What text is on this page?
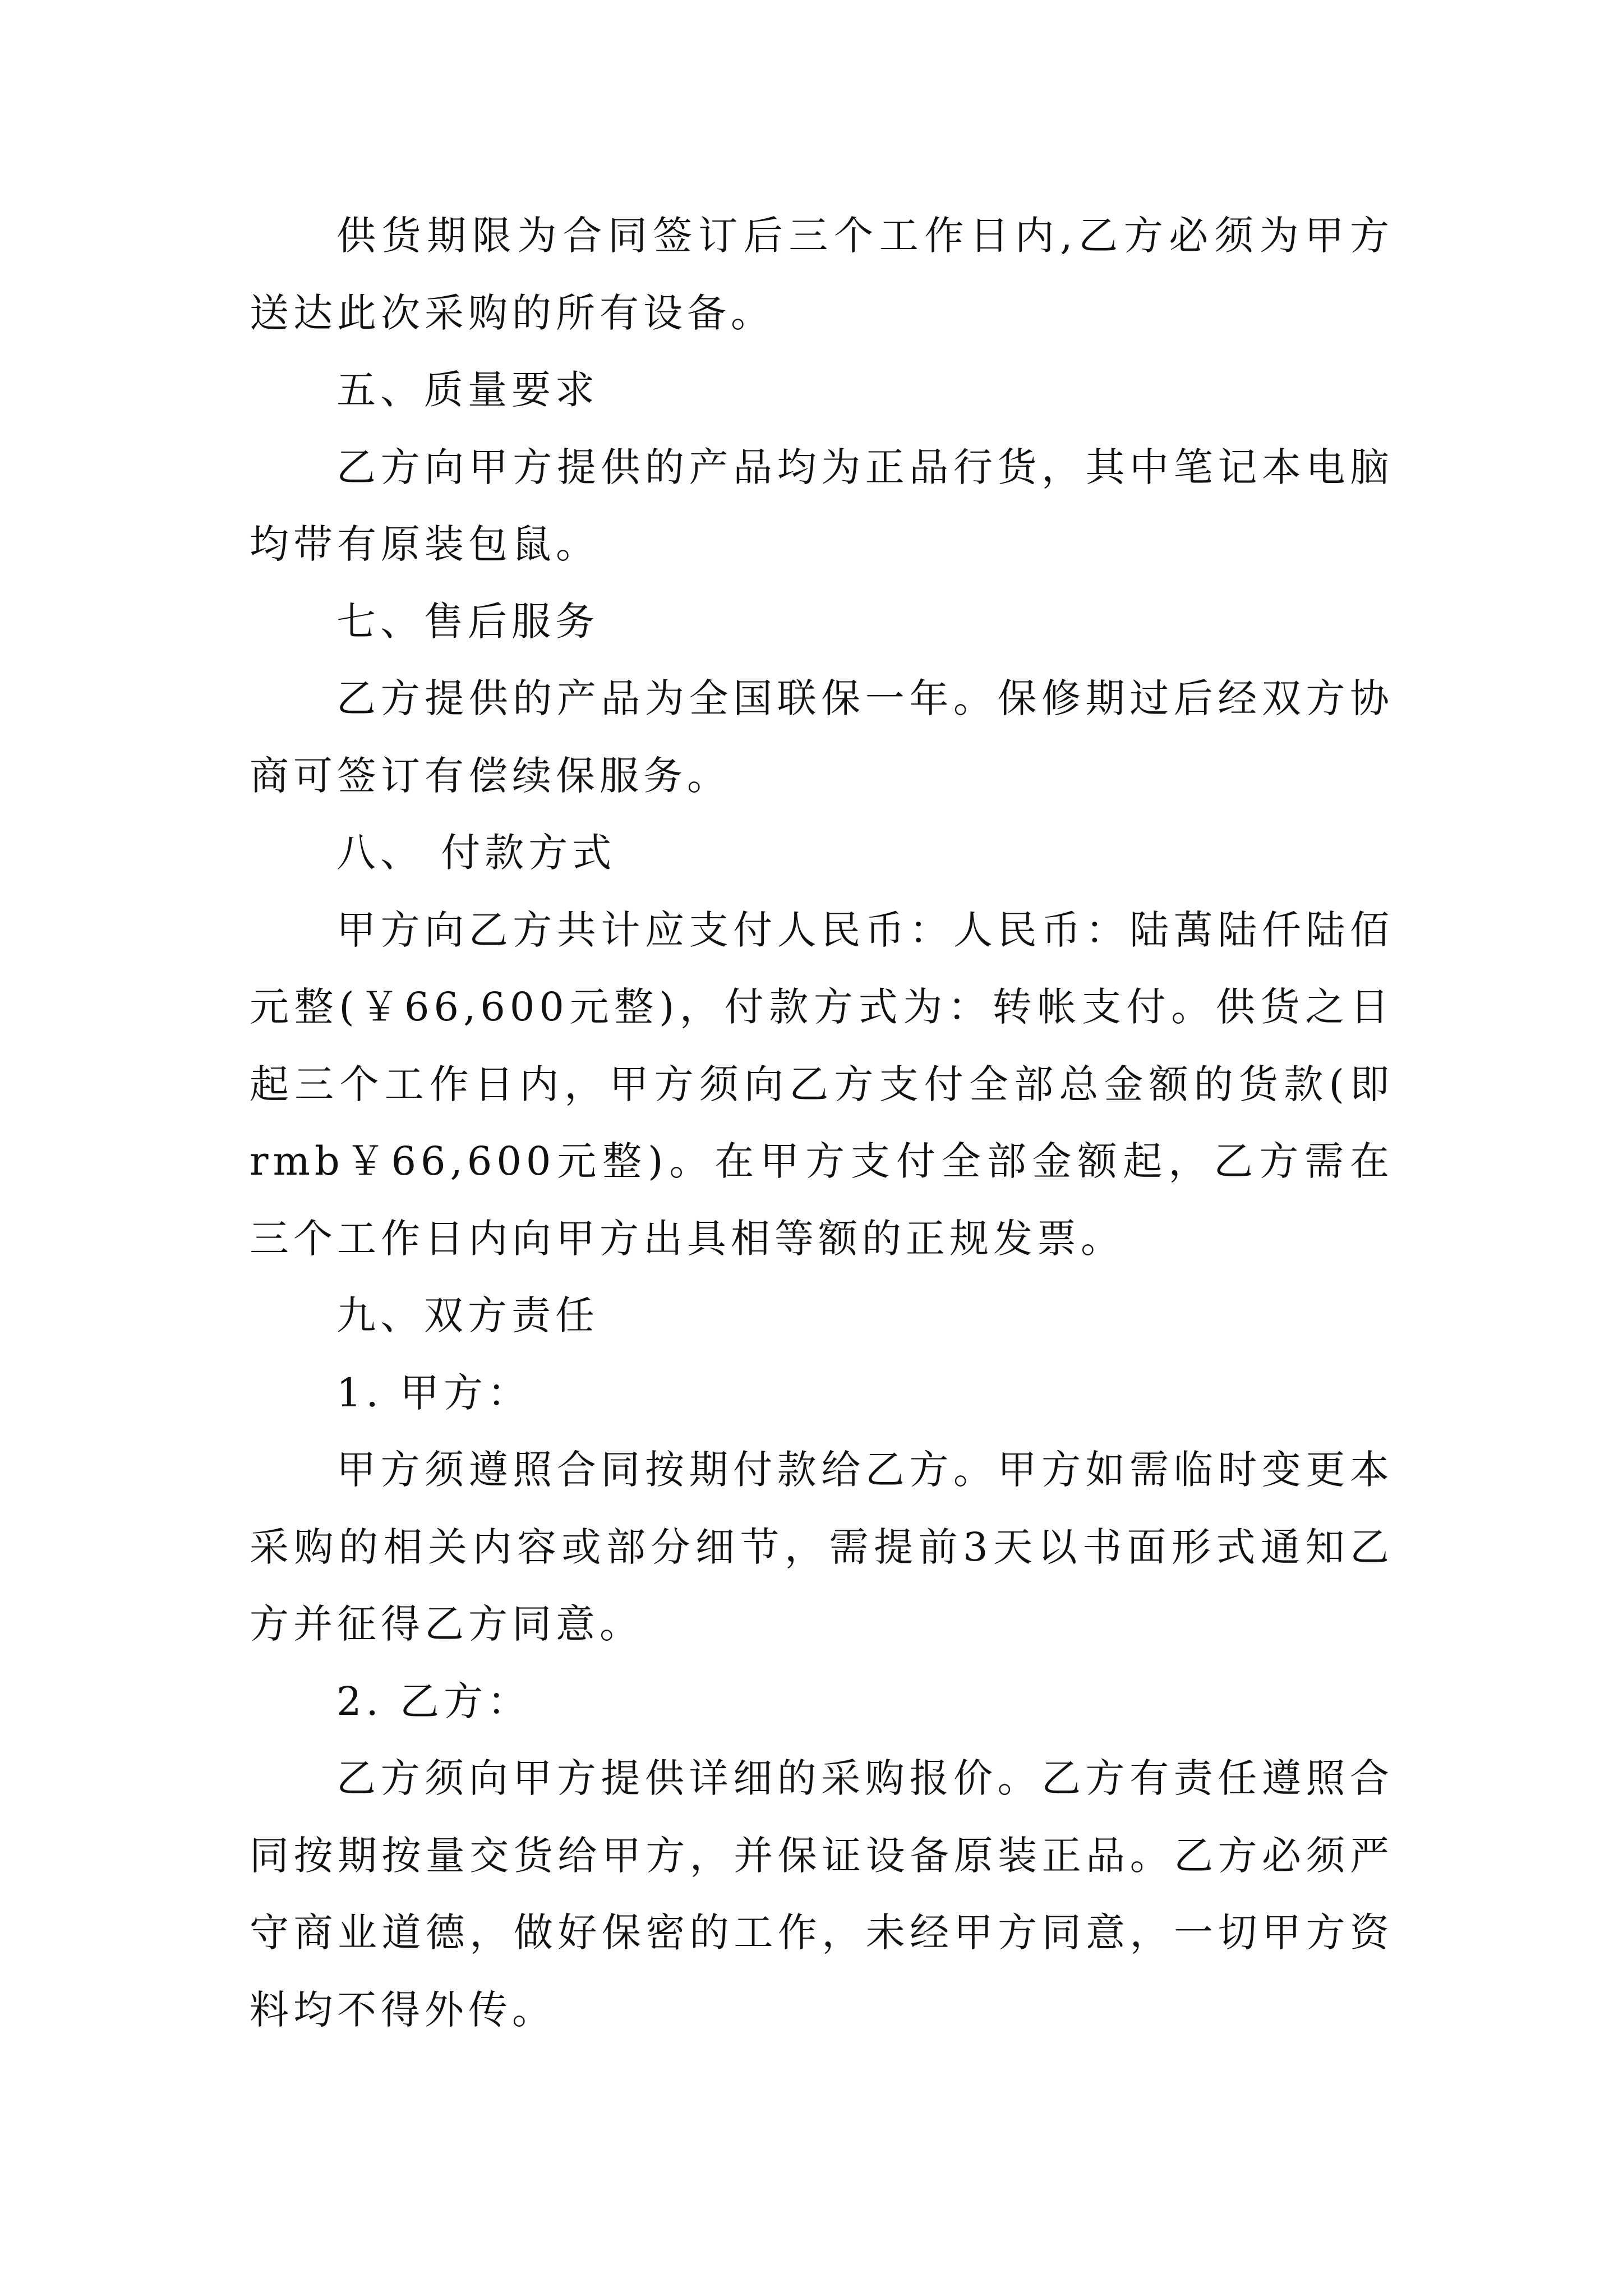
供货期限为合同签订后三个工作日内,乙方必须为甲方送达此次采购的所有设备。

五、质量要求

乙方向甲方提供的产品均为正品行货，其中笔记本电脑均带有原装包鼠。

七、售后服务

乙方提供的产品为全国联保一年。保修期过后经双方协商可签订有偿续保服务。

八、 付款方式

甲方向乙方共计应支付人民币：人民币：陆萬陆仟陆佰元整(￥66,600元整)，付款方式为：转帐支付。供货之日起三个工作日内，甲方须向乙方支付全部总金额的货款(即rmb￥66,600元整)。在甲方支付全部金额起，乙方需在三个工作日内向甲方出具相等额的正规发票。

九、双方责任

1. 甲方：

甲方须遵照合同按期付款给乙方。甲方如需临时变更本采购的相关内容或部分细节，需提前3天以书面形式通知乙方并征得乙方同意。

2. 乙方：

乙方须向甲方提供详细的采购报价。乙方有责任遵照合同按期按量交货给甲方，并保证设备原装正品。乙方必须严守商业道德，做好保密的工作，未经甲方同意，一切甲方资料均不得外传。
